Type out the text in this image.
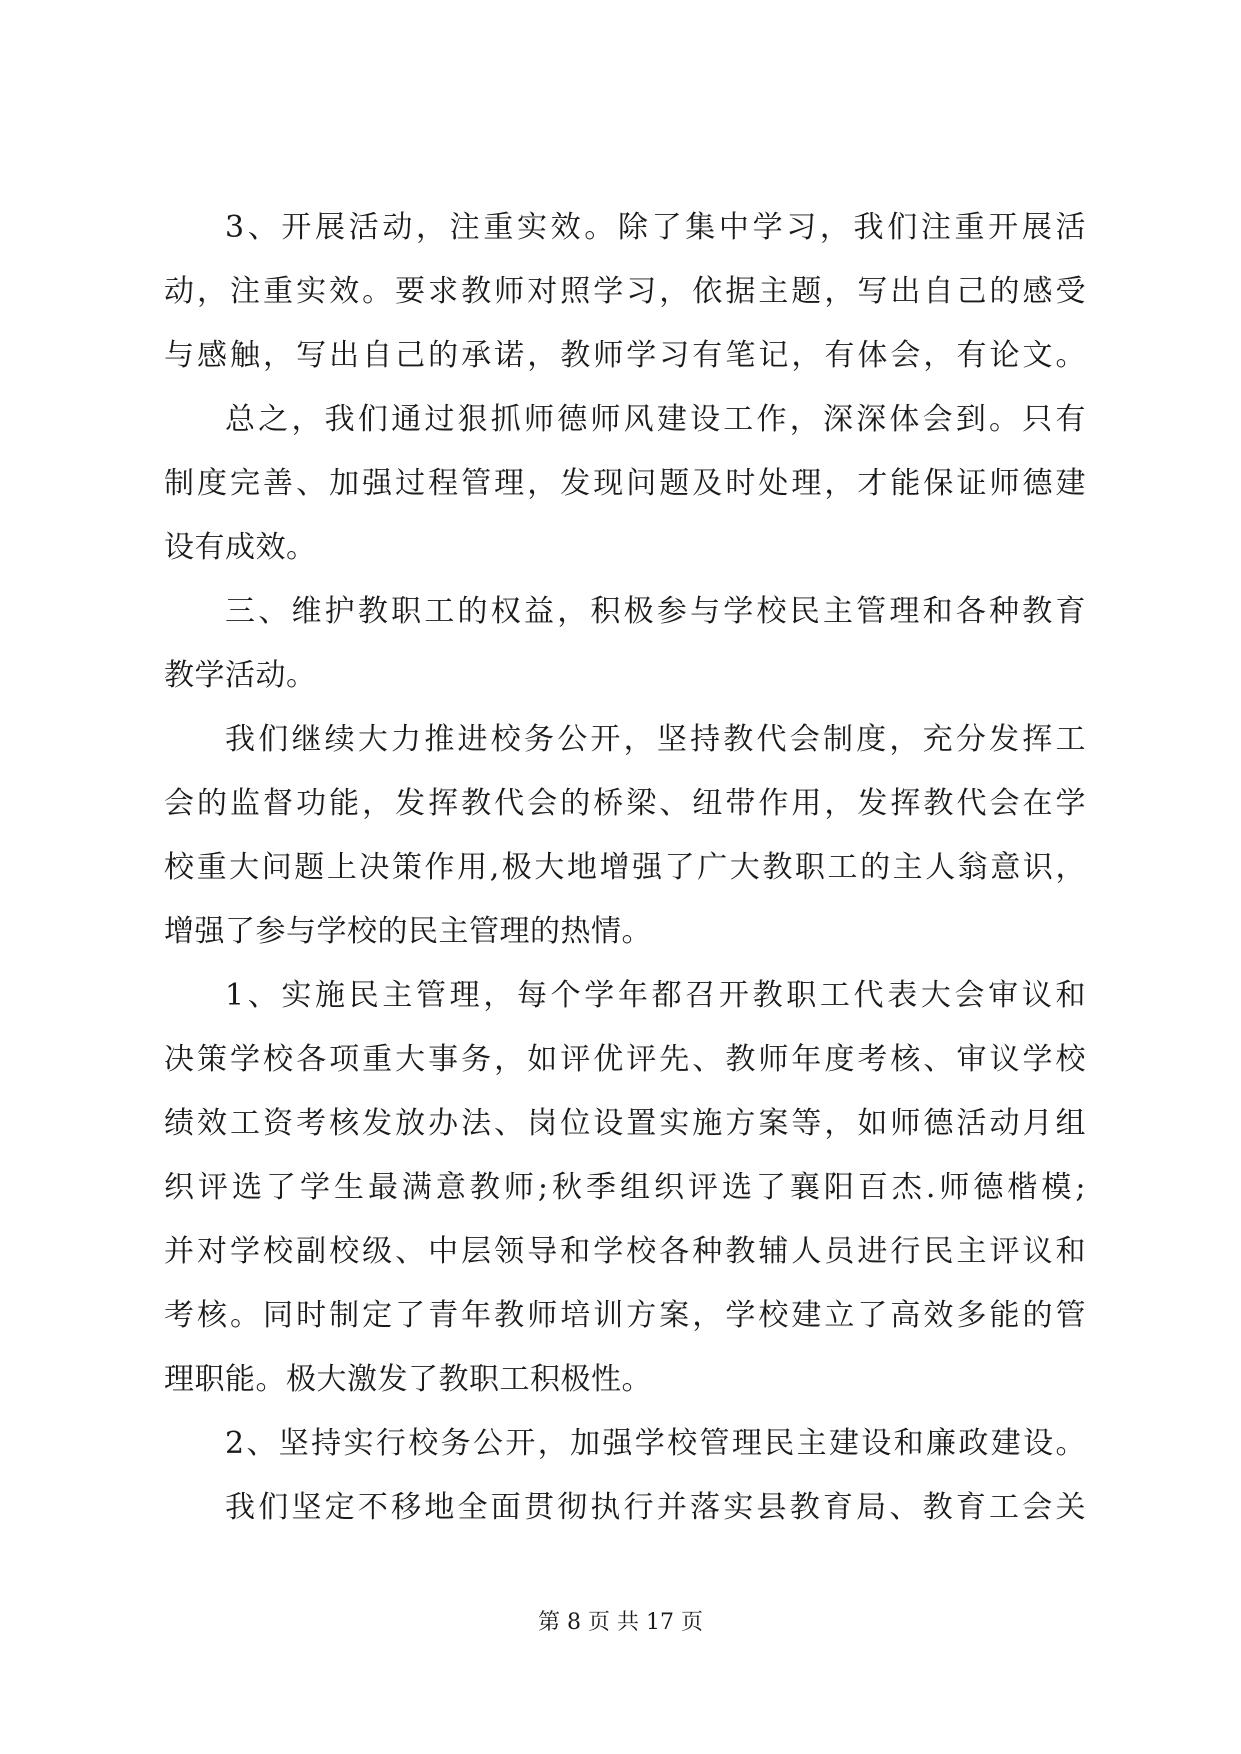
3、开展活动，注重实效。除了集中学习，我们注重开展活
动，注重实效。要求教师对照学习，依据主题，写出自己的感受
与感触，写出自己的承诺，教师学习有笔记，有体会，有论文。
总之，我们通过狠抓师德师风建设工作，深深体会到。只有
制度完善、加强过程管理，发现问题及时处理，才能保证师德建
设有成效。
三、维护教职工的权益，积极参与学校民主管理和各种教育
教学活动。
我们继续大力推进校务公开，坚持教代会制度，充分发挥工
会的监督功能，发挥教代会的桥梁、纽带作用，发挥教代会在学
校重大问题上决策作用,极大地增强了广大教职工的主人翁意识，
增强了参与学校的民主管理的热情。
1、实施民主管理，每个学年都召开教职工代表大会审议和
决策学校各项重大事务，如评优评先、教师年度考核、审议学校
绩效工资考核发放办法、岗位设置实施方案等，如师德活动月组
织评选了学生最满意教师;秋季组织评选了襄阳百杰.师德楷模;
并对学校副校级、中层领导和学校各种教辅人员进行民主评议和
考核。同时制定了青年教师培训方案，学校建立了高效多能的管
理职能。极大激发了教职工积极性。
2、坚持实行校务公开，加强学校管理民主建设和廉政建设。
我们坚定不移地全面贯彻执行并落实县教育局、教育工会关
第 8 页 共 17 页
